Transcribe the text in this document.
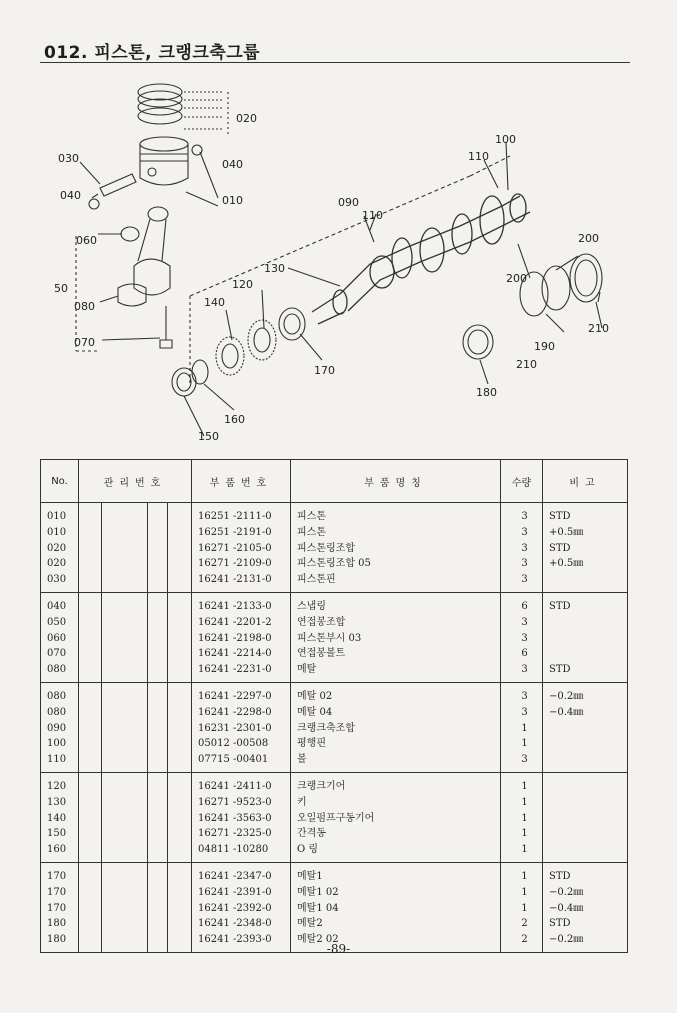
012. 피스톤, 크랭크축그룹
020
030	040
010
040
060
50
080
070
090
110
100
110
130
120
140
170
160
150
180
200
200
210
190
210
No.	관리번호				부품번호	부품명칭	수량	비고
010					16251 -2111-0	피스톤	3	STD
010					16251 -2191-0	피스톤	3	+0.5㎜
020					16271 -2105-0	피스톤링조합	3	STD
020					16271 -2109-0	피스톤링조합 05	3	+0.5㎜
030					16241 -2131-0	피스톤핀	3	
040					16241 -2133-0	스냅링	6	STD
050					16241 -2201-2	연접봉조합	3	
060					16241 -2198-0	피스톤부시 03	3	
070					16241 -2214-0	연접봉볼트	6	
080					16241 -2231-0	메탈	3	STD
080					16241 -2297-0	메탈 02	3	−0.2㎜
080					16241 -2298-0	메탈 04	3	−0.4㎜
090					16231 -2301-0	크랭크축조합	1	
100					05012 -00508	평행핀	1	
110					07715 -00401	볼	3	
120					16241 -2411-0	크랭크기어	1	
130					16271 -9523-0	키	1	
140					16241 -3563-0	오일펌프구동기어	1	
150					16271 -2325-0	간격동	1	
160					04811 -10280	O 링	1	
170					16241 -2347-0	메탈1	1	STD
170					16241 -2391-0	메탈1 02	1	−0.2㎜
170					16241 -2392-0	메탈1 04	1	−0.4㎜
180					16241 -2348-0	메탈2	2	STD
180					16241 -2393-0	메탈2 02	2	−0.2㎜
-89-
